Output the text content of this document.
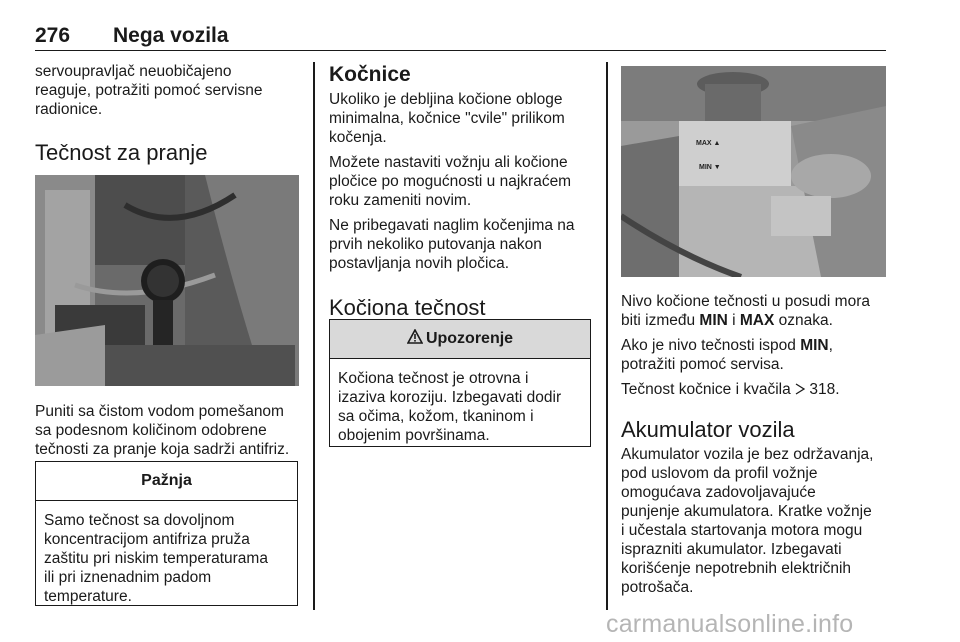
276 Nega vozila

servoupravljač neuobičajeno

reaguje, potražiti pomoć servisne

radionice.

Tečnost za pranje

Puniti sa čistom vodom pomešanom

sa podesnom količinom odobrene

tečnosti za pranje koja sadrži antifriz.

Pažnja
Samo tečnost sa dovoljnom
koncentracijom antifriza pruža
zaštitu pri niskim temperaturama
ili pri iznenadnim padom
temperature.
Kočnice

Ukoliko je debljina kočione obloge

minimalna, kočnice "cvile" prilikom

kočenja.

Možete nastaviti vožnju ali kočione

pločice po mogućnosti u najkraćem

roku zameniti novim.

Ne pribegavati naglim kočenjima na

prvih nekoliko putovanja nakon

postavljanja novih pločica.

Kočiona tečnost
Upozorenje
Kočiona tečnost je otrovna i
izaziva koroziju. Izbegavati dodir
sa očima, kožom, tkaninom i
obojenim površinama.
MAX ▲
MIN ▼

Nivo kočione tečnosti u posudi mora

biti između MIN i MAX oznaka.

Ako je nivo tečnosti ispod MIN,

potražiti pomoć servisa.

Tečnost kočnice i kvačila  318.

Akumulator vozila

Akumulator vozila je bez održavanja,

pod uslovom da profil vožnje

omogućava zadovoljavajuće

punjenje akumulatora. Kratke vožnje

i učestala startovanja motora mogu

isprazniti akumulator. Izbegavati

korišćenje nepotrebnih električnih

potrošača.

carmanualsonline.info
